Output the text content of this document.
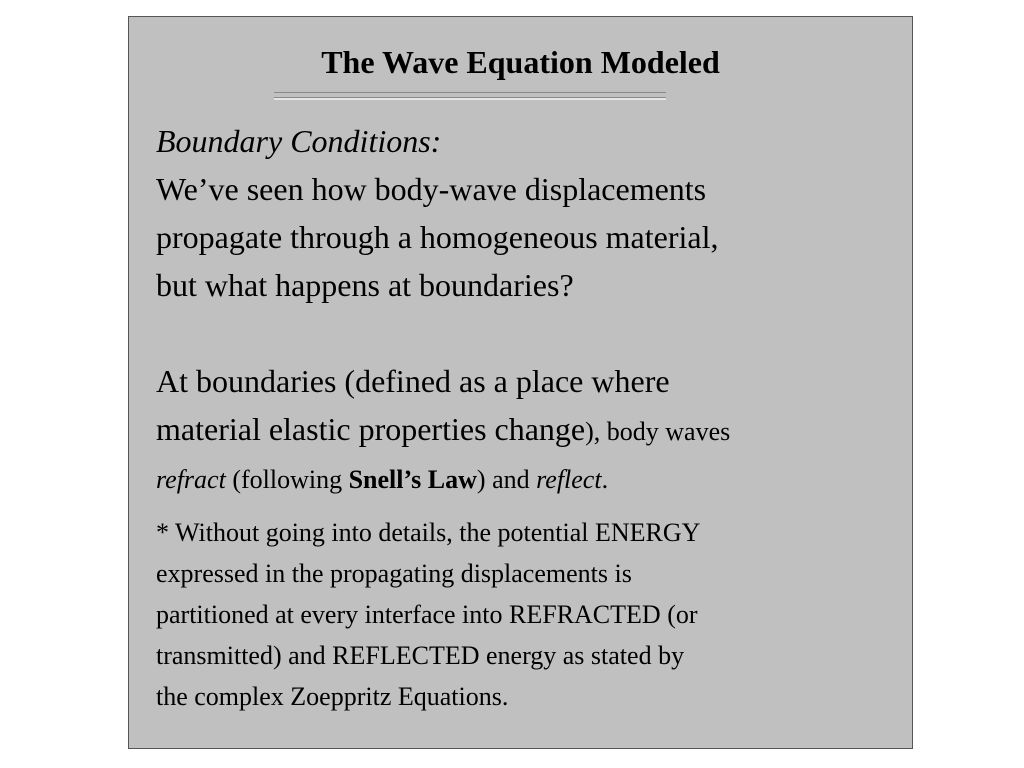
The Wave Equation Modeled
Boundary Conditions:
We’ve seen how body-wave displacements
propagate through a homogeneous material,
but what happens at boundaries?
At boundaries (defined as a place where
material elastic properties change), body waves
refract (following Snell’s Law) and reflect.
* Without going into details, the potential ENERGY
expressed in the propagating displacements is
partitioned at every interface into REFRACTED (or
transmitted) and REFLECTED energy as stated by
the complex Zoeppritz Equations.
